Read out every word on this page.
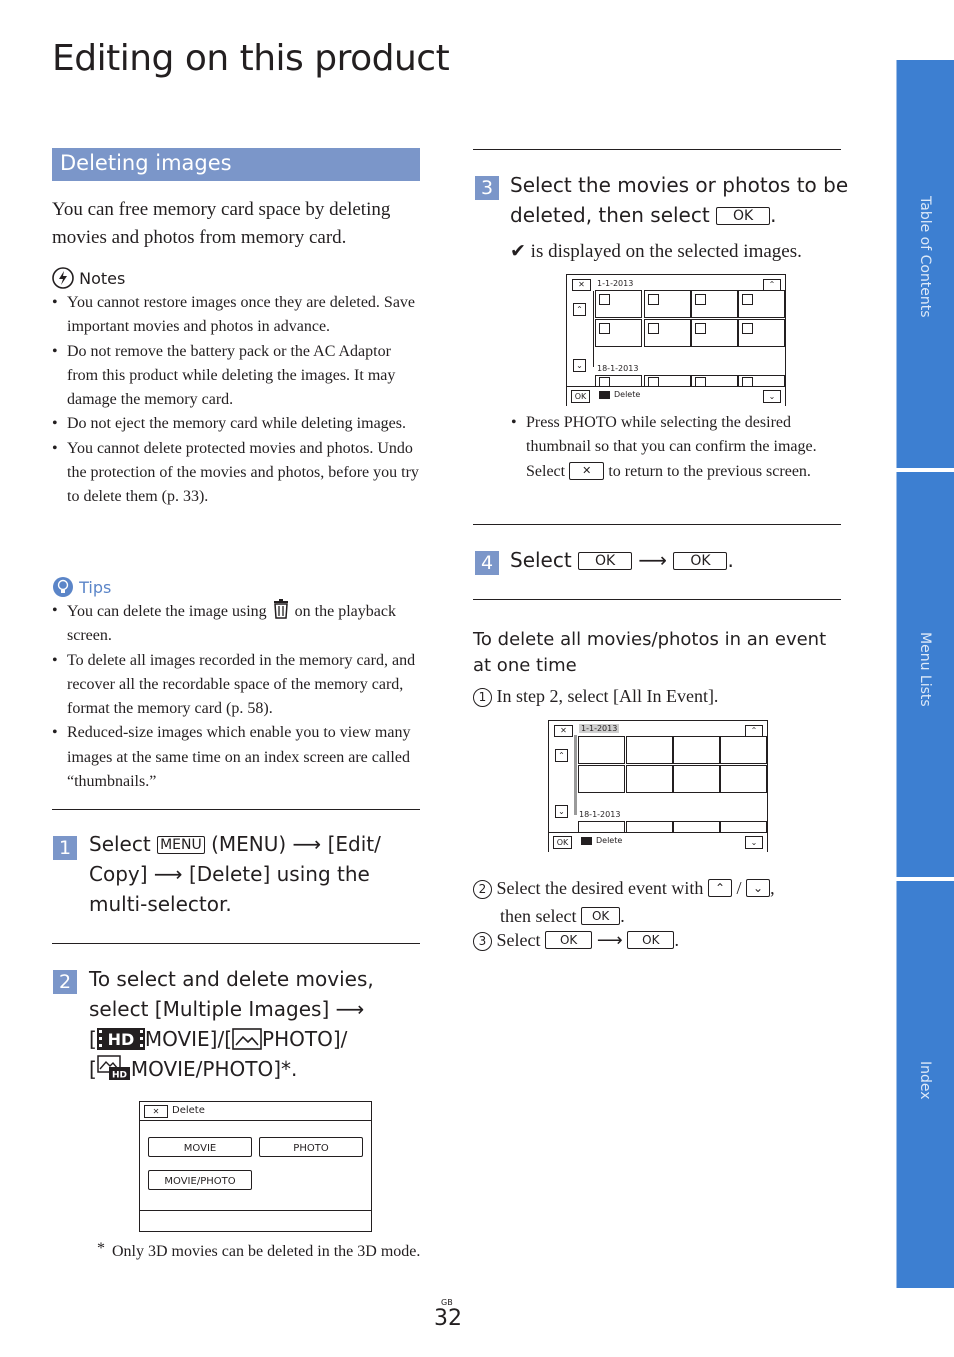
Editing on this product
Table of Contents
Menu Lists
Index
Deleting images
You can free memory card space by deleting movies and photos from memory card.
Notes
• You cannot restore images once they are deleted. Save important movies and photos in advance.
• Do not remove the battery pack or the AC Adaptor from this product while deleting the images. It may damage the memory card.
• Do not eject the memory card while deleting images.
• You cannot delete protected movies and photos. Undo the protection of the movies and photos, before you try to delete them (p. 33).
Tips
• You can delete the image using on the playback screen.
• To delete all images recorded in the memory card, and recover all the recordable space of the memory card, format the memory card (p. 58).
• Reduced-size images which enable you to view many images at the same time on an index screen are called “thumbnails.”
1 Select MENU (MENU) ⟶ [Edit/
Copy] ⟶ [Delete] using the
multi-selector.
2 To select and delete movies,
select [Multiple Images] ⟶
[ HD MOVIE]/[ PHOTO]/
[ HD MOVIE/PHOTO]*.
✕	Delete
MOVIE	PHOTO
MOVIE/PHOTO
* Only 3D movies can be deleted in the 3D mode.
3 Select the movies or photos to be
deleted, then select OK .
✔ is displayed on the selected images.
✕	1-1-2013	⌃
⌃
⌄	18-1-2013
OK	Delete	⌄
• Press PHOTO while selecting the desired thumbnail so that you can confirm the image. Select ✕ to return to the previous screen.
4 Select OK ⟶ OK .
To delete all movies/photos in an event at one time
1 In step 2, select [All In Event].
✕	1-1-2013	⌃
⌃
⌄	18-1-2013
OK	Delete	⌄
2 Select the desired event with ⌃ / ⌄ ,
then select OK .
3 Select OK ⟶ OK .
GB
32
